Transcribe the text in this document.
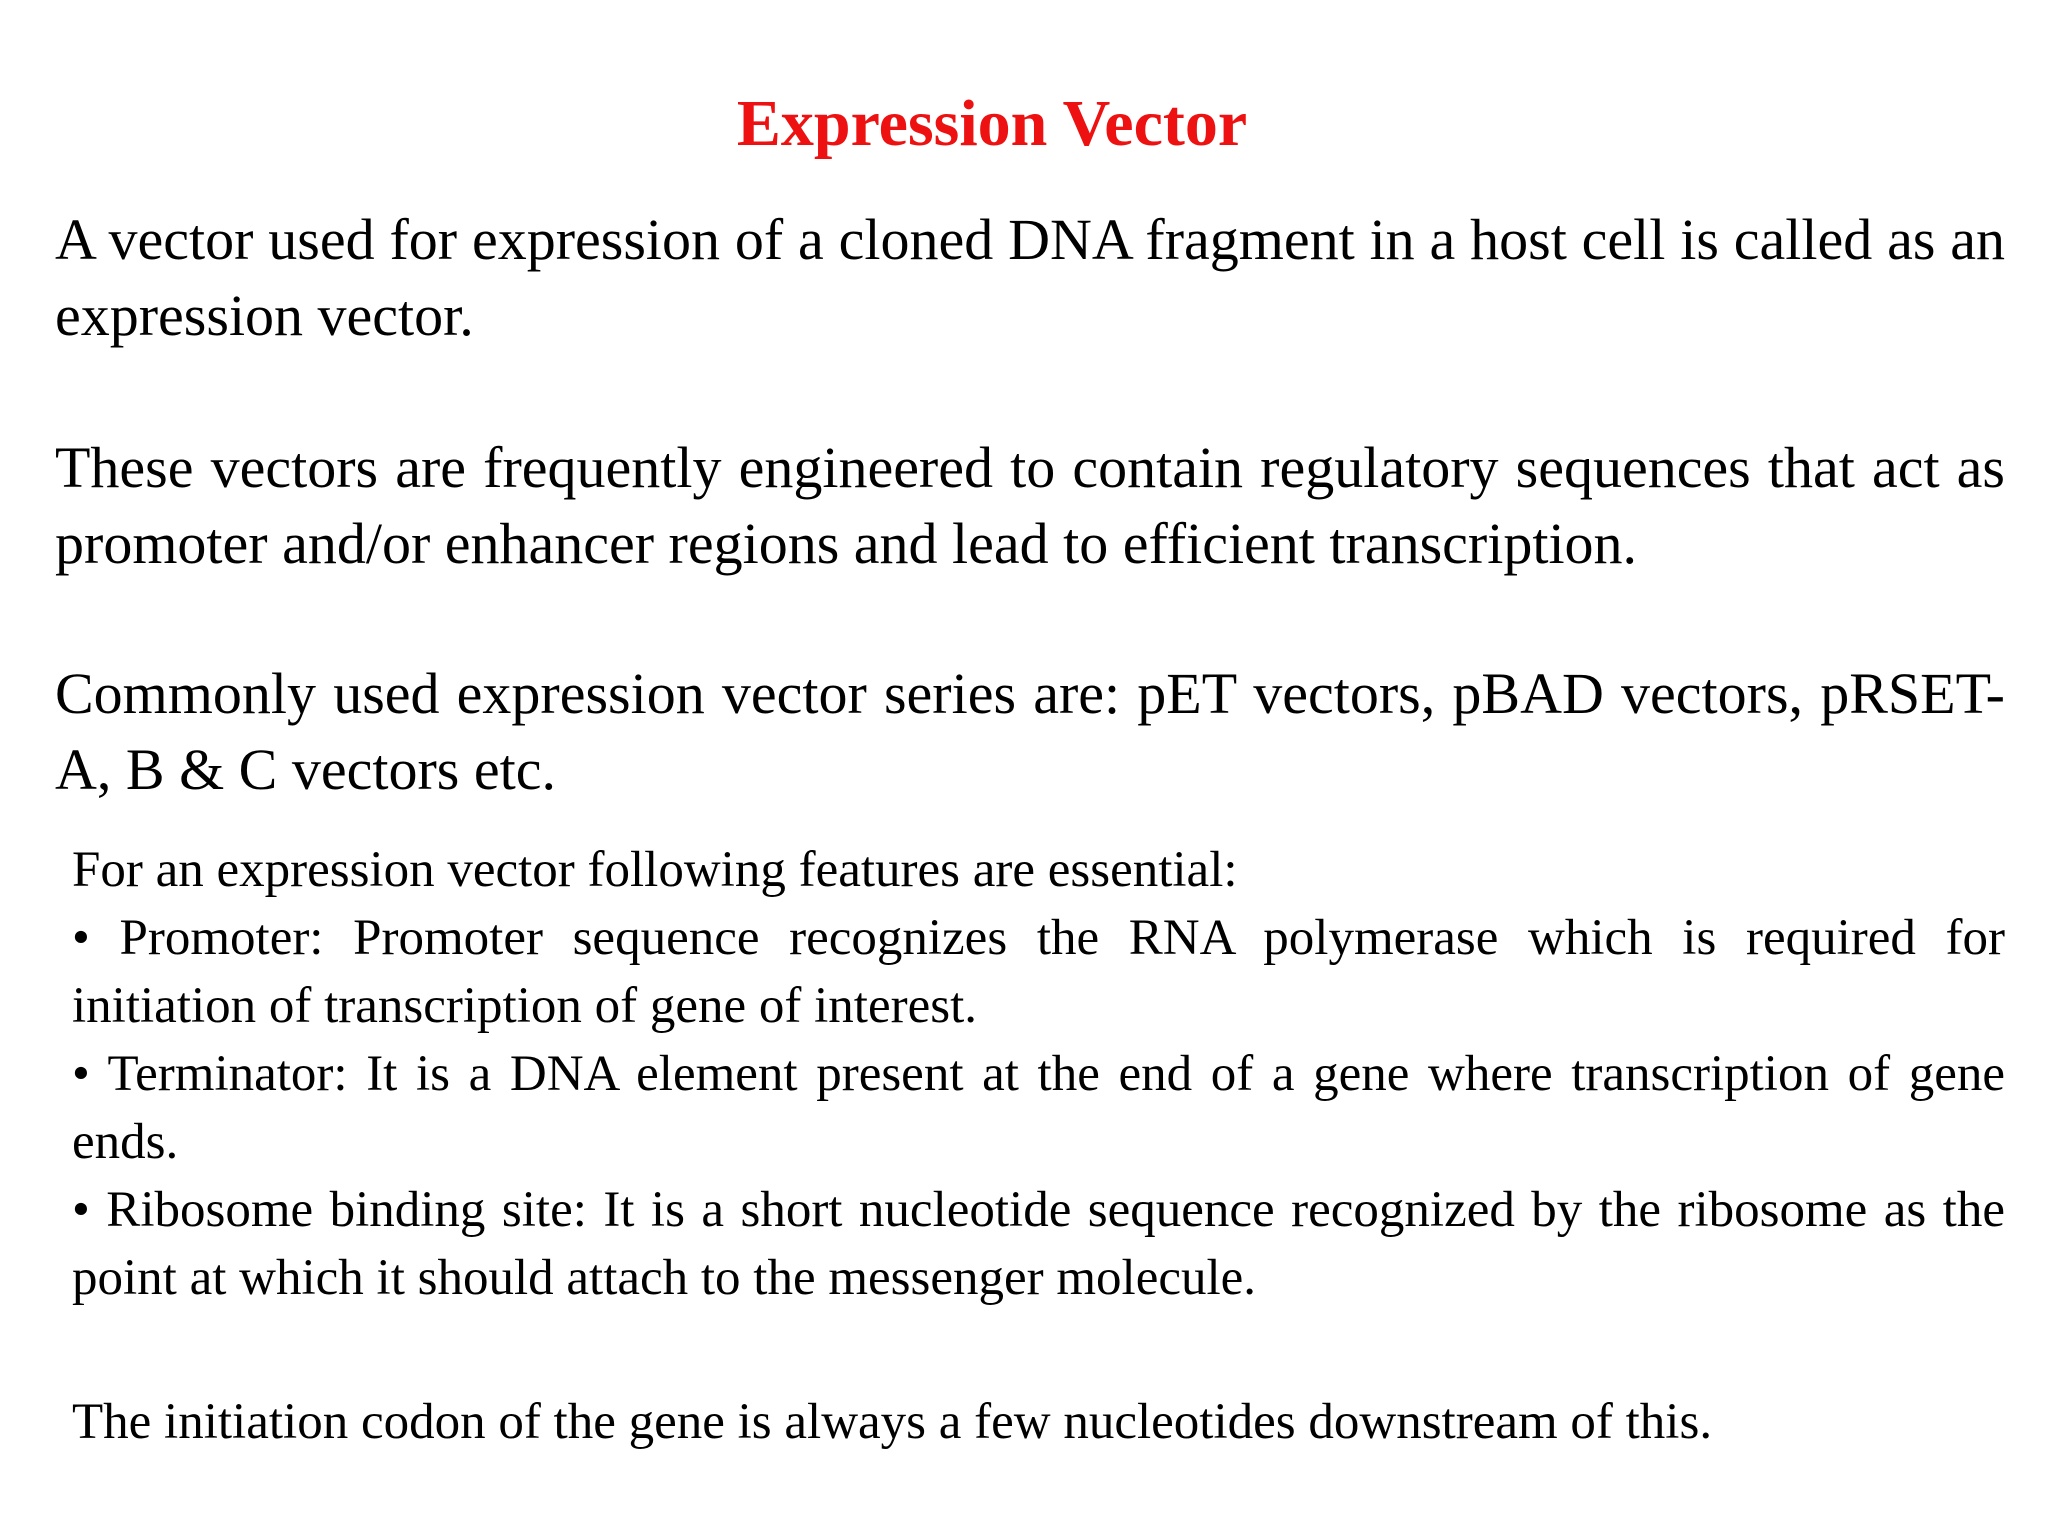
Expression Vector

A vector used for expression of a cloned DNA fragment in a host cell is called as an expression vector.

These vectors are frequently engineered to contain regulatory sequences that act as promoter and/or enhancer regions and lead to efficient transcription.

Commonly used expression vector series are: pET vectors, pBAD vectors, pRSET-A, B & C vectors etc.

For an expression vector following features are essential:

• Promoter: Promoter sequence recognizes the RNA polymerase which is required for initiation of transcription of gene of interest.

• Terminator: It is a DNA element present at the end of a gene where transcription of gene ends.

• Ribosome binding site: It is a short nucleotide sequence recognized by the ribosome as the point at which it should attach to the messenger molecule.

The initiation codon of the gene is always a few nucleotides downstream of this.
